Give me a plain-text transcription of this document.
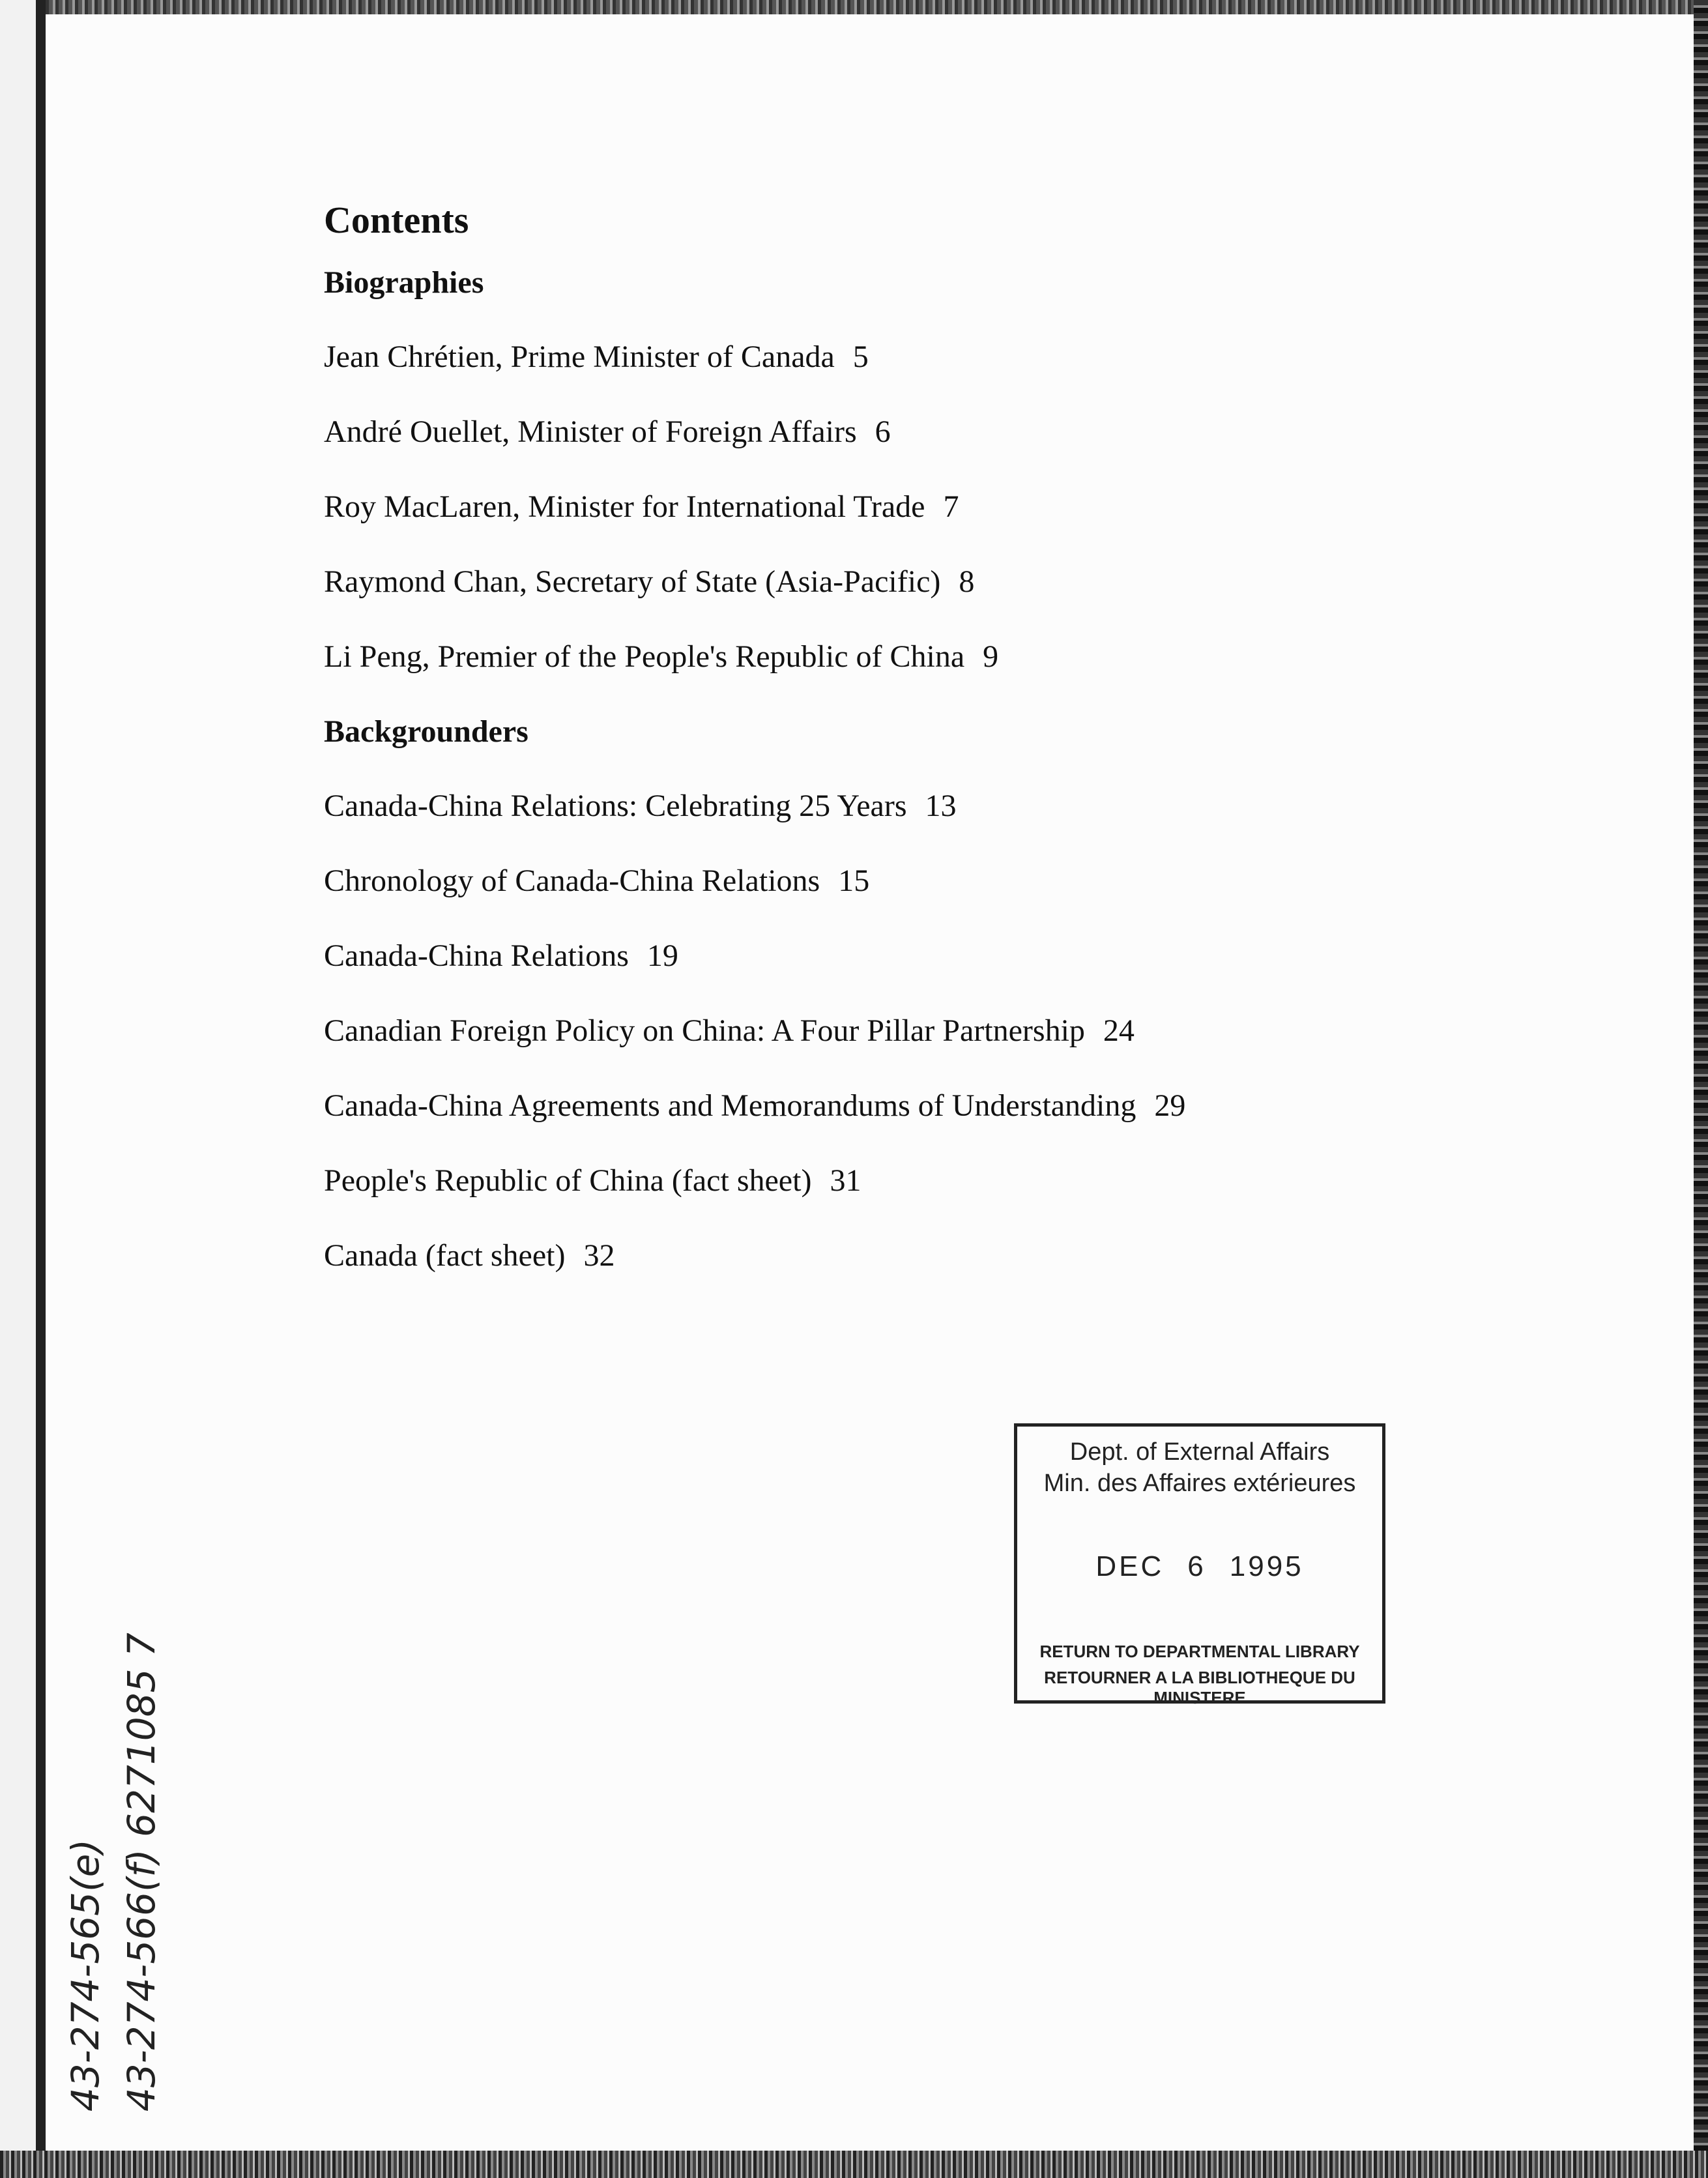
Contents
Biographies
Jean Chrétien, Prime Minister of Canada 5
André Ouellet, Minister of Foreign Affairs 6
Roy MacLaren, Minister for International Trade 7
Raymond Chan, Secretary of State (Asia-Pacific) 8
Li Peng, Premier of the People's Republic of China 9
Backgrounders
Canada-China Relations: Celebrating 25 Years 13
Chronology of Canada-China Relations 15
Canada-China Relations 19
Canadian Foreign Policy on China: A Four Pillar Partnership 24
Canada-China Agreements and Memorandums of Understanding 29
People's Republic of China (fact sheet) 31
Canada (fact sheet) 32
Dept. of External Affairs
Min. des Affaires extérieures
DEC 6 1995
RETURN TO DEPARTMENTAL LIBRARY
RETOURNER A LA BIBLIOTHEQUE DU MINISTERE
43-274-565(e) 43-274-566(f) 6271085 7
